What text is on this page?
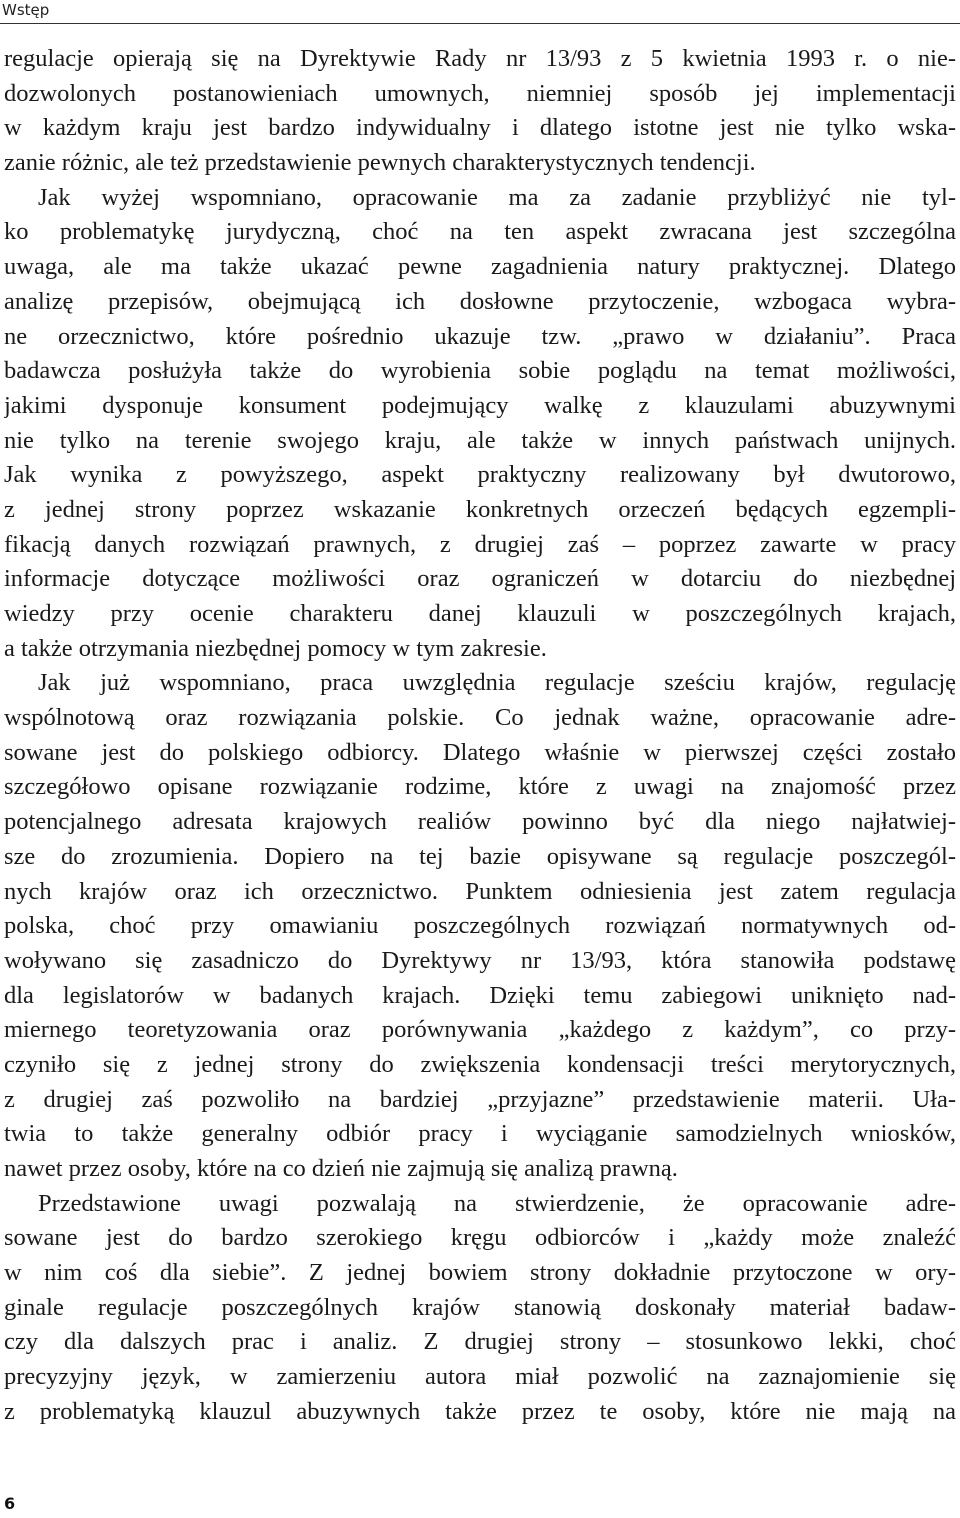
Wstęp
regulacje opierają się na Dyrektywie Rady nr 13/93 z 5 kwietnia 1993 r. o nie-
dozwolonych postanowieniach umownych, niemniej sposób jej implementacji
w każdym kraju jest bardzo indywidualny i dlatego istotne jest nie tylko wska-
zanie różnic, ale też przedstawienie pewnych charakterystycznych tendencji.
Jak wyżej wspomniano, opracowanie ma za zadanie przybliżyć nie tyl-
ko problematykę jurydyczną, choć na ten aspekt zwracana jest szczególna
uwaga, ale ma także ukazać pewne zagadnienia natury praktycznej. Dlatego
analizę przepisów, obejmującą ich dosłowne przytoczenie, wzbogaca wybra-
ne orzecznictwo, które pośrednio ukazuje tzw. „prawo w działaniu”. Praca
badawcza posłużyła także do wyrobienia sobie poglądu na temat możliwości,
jakimi dysponuje konsument podejmujący walkę z klauzulami abuzywnymi
nie tylko na terenie swojego kraju, ale także w innych państwach unijnych.
Jak wynika z powyższego, aspekt praktyczny realizowany był dwutorowo,
z jednej strony poprzez wskazanie konkretnych orzeczeń będących egzempli-
fikacją danych rozwiązań prawnych, z drugiej zaś – poprzez zawarte w pracy
informacje dotyczące możliwości oraz ograniczeń w dotarciu do niezbędnej
wiedzy przy ocenie charakteru danej klauzuli w poszczególnych krajach,
a także otrzymania niezbędnej pomocy w tym zakresie.
Jak już wspomniano, praca uwzględnia regulacje sześciu krajów, regulację
wspólnotową oraz rozwiązania polskie. Co jednak ważne, opracowanie adre-
sowane jest do polskiego odbiorcy. Dlatego właśnie w pierwszej części zostało
szczegółowo opisane rozwiązanie rodzime, które z uwagi na znajomość przez
potencjalnego adresata krajowych realiów powinno być dla niego najłatwiej-
sze do zrozumienia. Dopiero na tej bazie opisywane są regulacje poszczegól-
nych krajów oraz ich orzecznictwo. Punktem odniesienia jest zatem regulacja
polska, choć przy omawianiu poszczególnych rozwiązań normatywnych od-
woływano się zasadniczo do Dyrektywy nr 13/93, która stanowiła podstawę
dla legislatorów w badanych krajach. Dzięki temu zabiegowi uniknięto nad-
miernego teoretyzowania oraz porównywania „każdego z każdym”, co przy-
czyniło się z jednej strony do zwiększenia kondensacji treści merytorycznych,
z drugiej zaś pozwoliło na bardziej „przyjazne” przedstawienie materii. Uła-
twia to także generalny odbiór pracy i wyciąganie samodzielnych wniosków,
nawet przez osoby, które na co dzień nie zajmują się analizą prawną.
Przedstawione uwagi pozwalają na stwierdzenie, że opracowanie adre-
sowane jest do bardzo szerokiego kręgu odbiorców i „każdy może znaleźć
w nim coś dla siebie”. Z jednej bowiem strony dokładnie przytoczone w ory-
ginale regulacje poszczególnych krajów stanowią doskonały materiał badaw-
czy dla dalszych prac i analiz. Z drugiej strony – stosunkowo lekki, choć
precyzyjny język, w zamierzeniu autora miał pozwolić na zaznajomienie się
z problematyką klauzul abuzywnych także przez te osoby, które nie mają na
6
